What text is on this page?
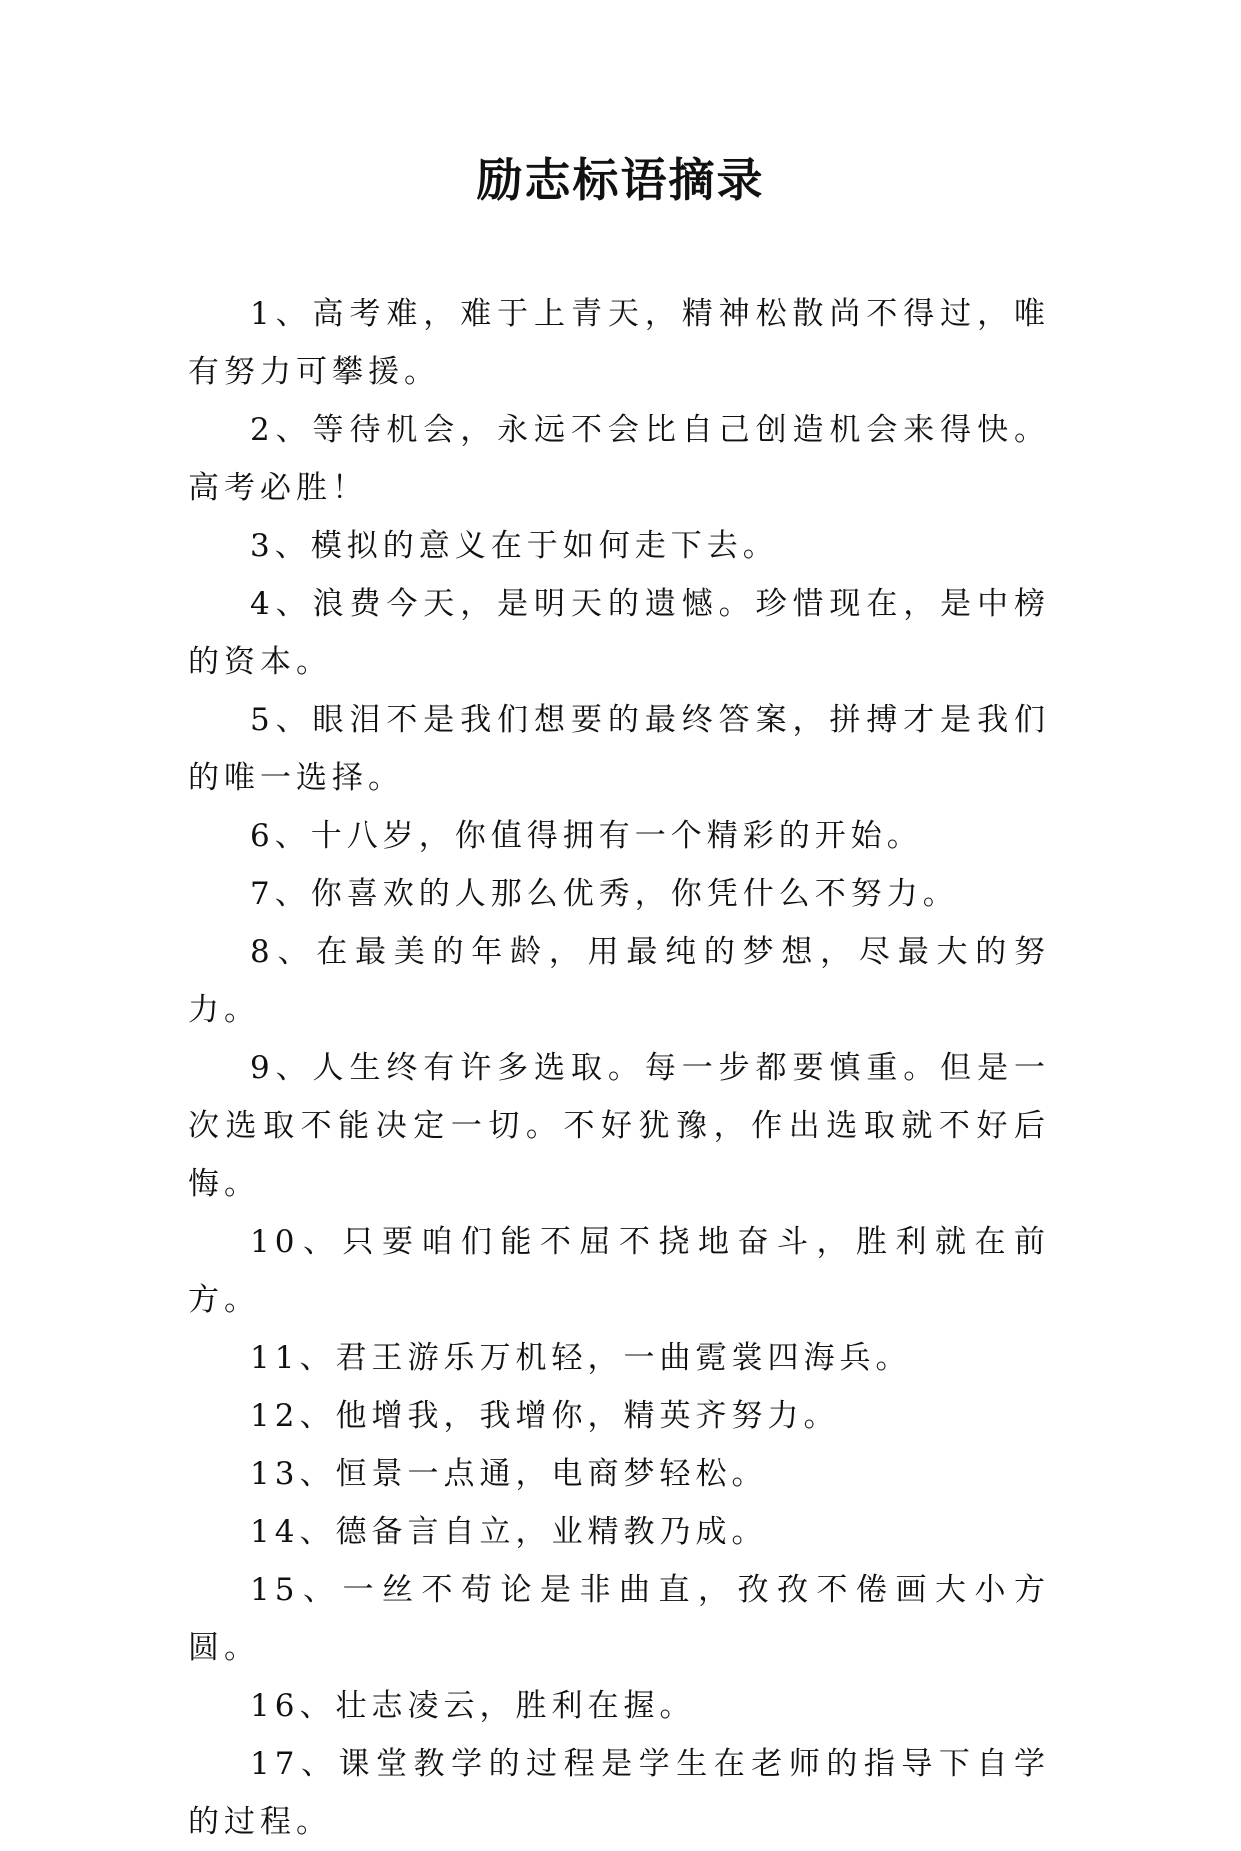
励志标语摘录

1、高考难，难于上青天，精神松散尚不得过，唯有努力可攀援。

2、等待机会，永远不会比自己创造机会来得快。高考必胜！

3、模拟的意义在于如何走下去。

4、浪费今天，是明天的遗憾。珍惜现在，是中榜的资本。

5、眼泪不是我们想要的最终答案，拼搏才是我们的唯一选择。

6、十八岁，你值得拥有一个精彩的开始。

7、你喜欢的人那么优秀，你凭什么不努力。

8、在最美的年龄，用最纯的梦想，尽最大的努力。

9、人生终有许多选取。每一步都要慎重。但是一次选取不能决定一切。不好犹豫，作出选取就不好后悔。

10、只要咱们能不屈不挠地奋斗，胜利就在前方。

11、君王游乐万机轻，一曲霓裳四海兵。

12、他增我，我增你，精英齐努力。

13、恒景一点通，电商梦轻松。

14、德备言自立，业精教乃成。

15、一丝不苟论是非曲直，孜孜不倦画大小方圆。

16、壮志凌云，胜利在握。

17、课堂教学的过程是学生在老师的指导下自学的过程。
